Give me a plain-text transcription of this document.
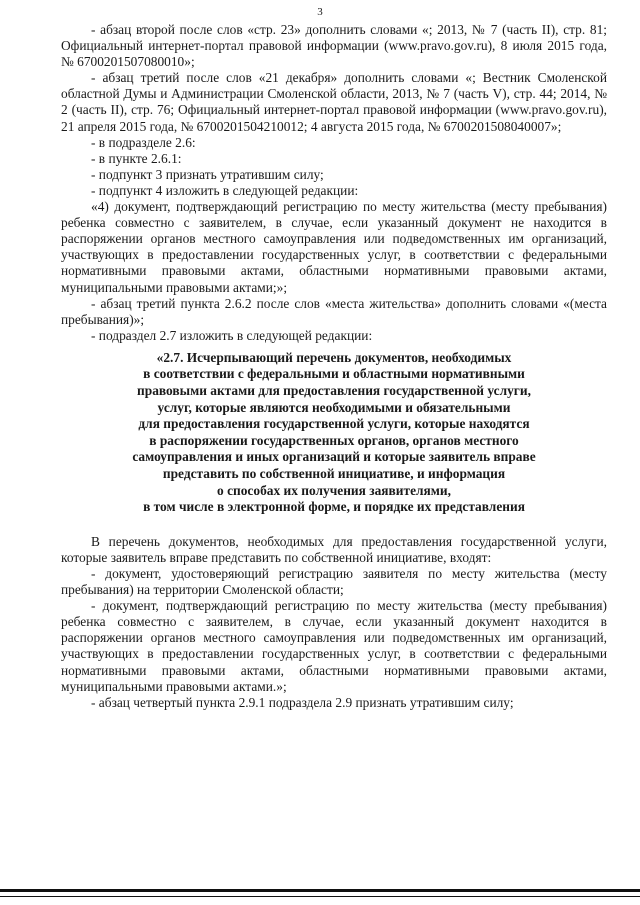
3

- абзац второй после слов «стр. 23» дополнить словами «; 2013, № 7 (часть II), стр. 81; Официальный интернет-портал правовой информации (www.pravo.gov.ru), 8 июля 2015 года, № 6700201507080010»;

- абзац третий после слов «21 декабря» дополнить словами «; Вестник Смоленской областной Думы и Администрации Смоленской области, 2013, № 7 (часть V), стр. 44; 2014, № 2 (часть II), стр. 76; Официальный интернет-портал правовой информации (www.pravo.gov.ru), 21 апреля 2015 года, № 6700201504210012; 4 августа 2015 года, № 6700201508040007»;

- в подразделе 2.6:

- в пункте 2.6.1:

- подпункт 3 признать утратившим силу;

- подпункт 4 изложить в следующей редакции:

«4) документ, подтверждающий регистрацию по месту жительства (месту пребывания) ребенка совместно с заявителем, в случае, если указанный документ не находится в распоряжении органов местного самоуправления или подведомственных им организаций, участвующих в предоставлении государственных услуг, в соответствии с федеральными нормативными правовыми актами, областными нормативными правовыми актами, муниципальными правовыми актами;»;

- абзац третий пункта 2.6.2 после слов «места жительства» дополнить словами «(места пребывания)»;

- подраздел 2.7 изложить в следующей редакции:

«2.7. Исчерпывающий перечень документов, необходимых
в соответствии с федеральными и областными нормативными
правовыми актами для предоставления государственной услуги,
услуг, которые являются необходимыми и обязательными
для предоставления государственной услуги, которые находятся
в распоряжении государственных органов, органов местного
самоуправления и иных организаций и которые заявитель вправе
представить по собственной инициативе, и информация
о способах их получения заявителями,
в том числе в электронной форме, и порядке их представления

В перечень документов, необходимых для предоставления государственной услуги, которые заявитель вправе представить по собственной инициативе, входят:

- документ, удостоверяющий регистрацию заявителя по месту жительства (месту пребывания) на территории Смоленской области;

- документ, подтверждающий регистрацию по месту жительства (месту пребывания) ребенка совместно с заявителем, в случае, если указанный документ находится в распоряжении органов местного самоуправления или подведомственных им организаций, участвующих в предоставлении государственных услуг, в соответствии с федеральными нормативными правовыми актами, областными нормативными правовыми актами, муниципальными правовыми актами.»;

- абзац четвертый пункта 2.9.1 подраздела 2.9 признать утратившим силу;
